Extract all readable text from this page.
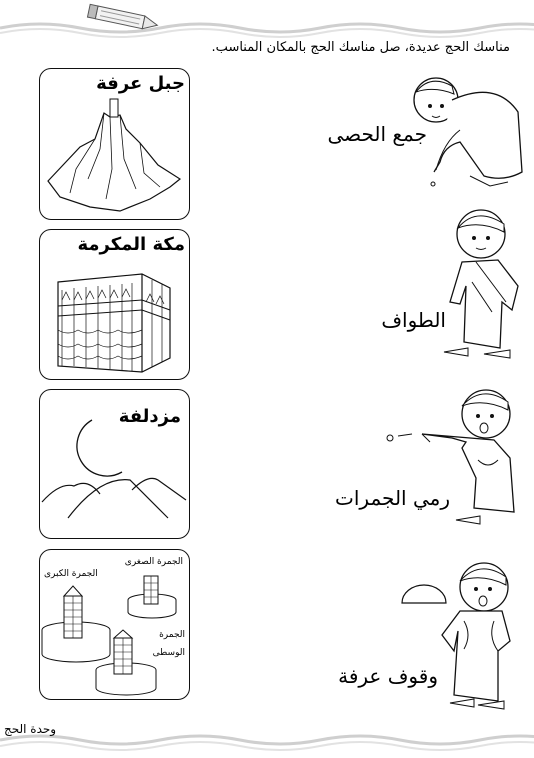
مناسك الحج عديدة، صل مناسك الحج بالمكان المناسب.
جبل عرفة
مكة المكرمة
مزدلفة
الجمرة الصغرى
الجمرة الكبرى
الجمرة
الوسطى
جمع الحصى
الطواف
رمي الجمرات
وقوف عرفة
وحدة الحج
